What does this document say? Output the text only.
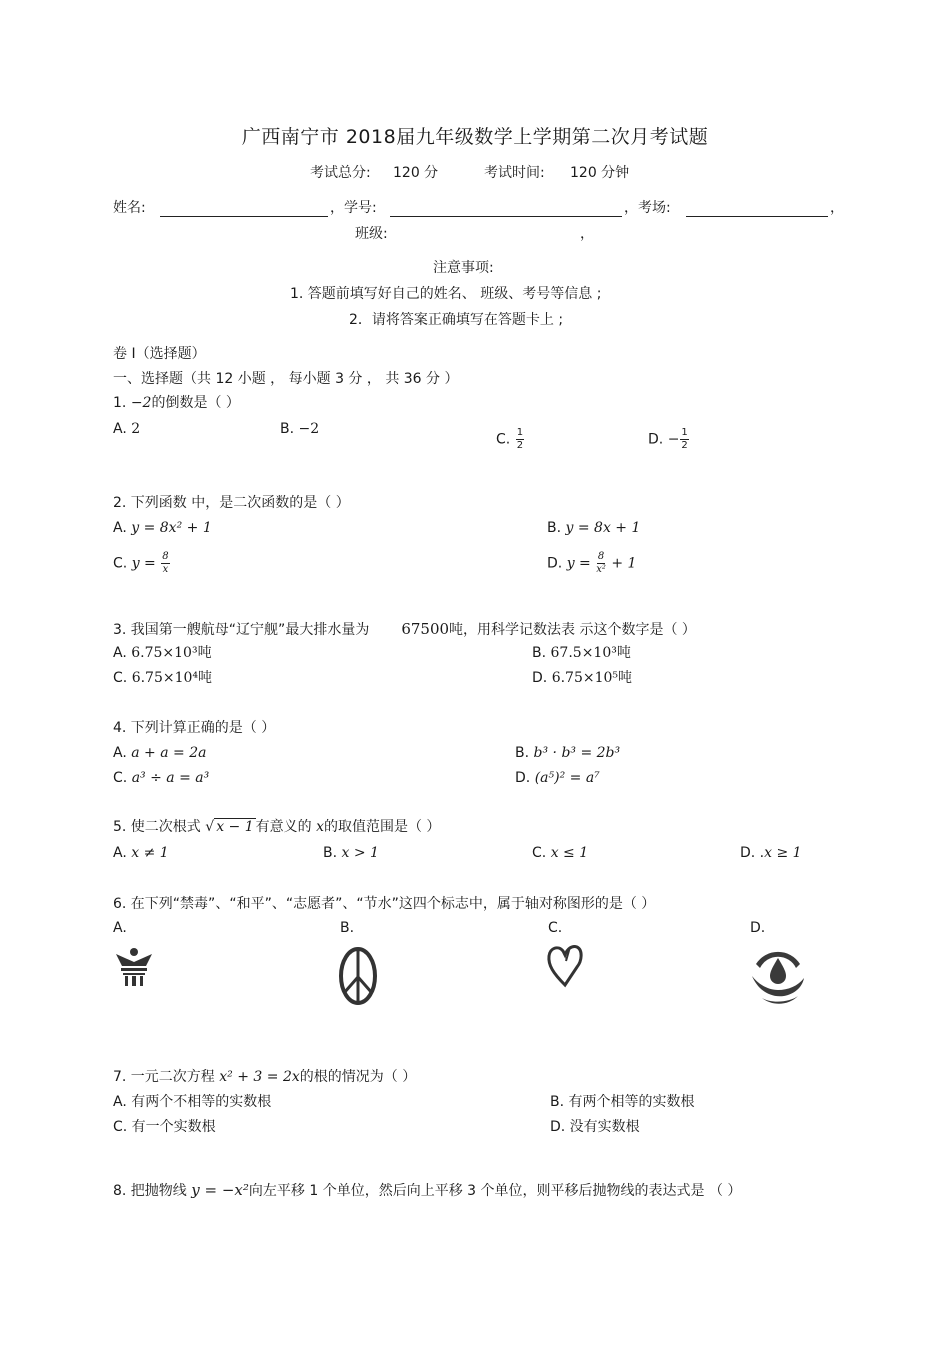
广西南宁市 2018届九年级数学上学期第二次月考试题
考试总分: 120 分	考试时间: 120 分钟
姓名:	，学号:	，考场:	，
班级:	，
注意事项:
1. 答题前填写好自己的姓名、 班级、考号等信息 ;
2．请将答案正确填写在答题卡上 ;
卷 I（选择题）
一、选择题（共 12 小题 ， 每小题 3 分 ， 共 36 分 ）
1. −2的倒数是（ ）
A. 2	B. −2
C. $\frac{1}{2}$	D. − $\frac{1}{2}$
2. 下列函数 中，是二次函数的是（ ）
A. y = 8x² + 1	B. y = 8x + 1
C. $y = \frac{8}{x}$	D. $y = \frac{8}{\text{x²}} + 1$
3. 我国第一艘航母“辽宁舰”最大排水量为 67500吨，用科学记数法表 示这个数字是（ ）
A. 6.75×10³吨	B. 67.5×10³吨
C. 6.75×10⁴吨	D. 6.75×10⁵吨
4. 下列计算正确的是（ ）
A. a + a = 2a	B. b³ · b³ = 2b³
C. a³ ÷ a = a³	D. (a⁵)² = a⁷
5. 使二次根式 √ x − 1 有意义的 x的取值范围是（ ）
A. x ≠ 1	B. x > 1	C. x ≤ 1	D. .x ≥ 1
6. 在下列“禁毒”、“和平”、“志愿者”、“节水”这四个标志中，属于轴对称图形的是（ ）
A.	B.	C.	D.
7. 一元二次方程 x² + 3 = 2x的根的情况为（ ）
A. 有两个不相等的实数根	B. 有两个相等的实数根
C. 有一个实数根	D. 没有实数根
8. 把抛物线 y = −x²向左平移 1 个单位，然后向上平移 3 个单位，则平移后抛物线的表达式是 （ ）
